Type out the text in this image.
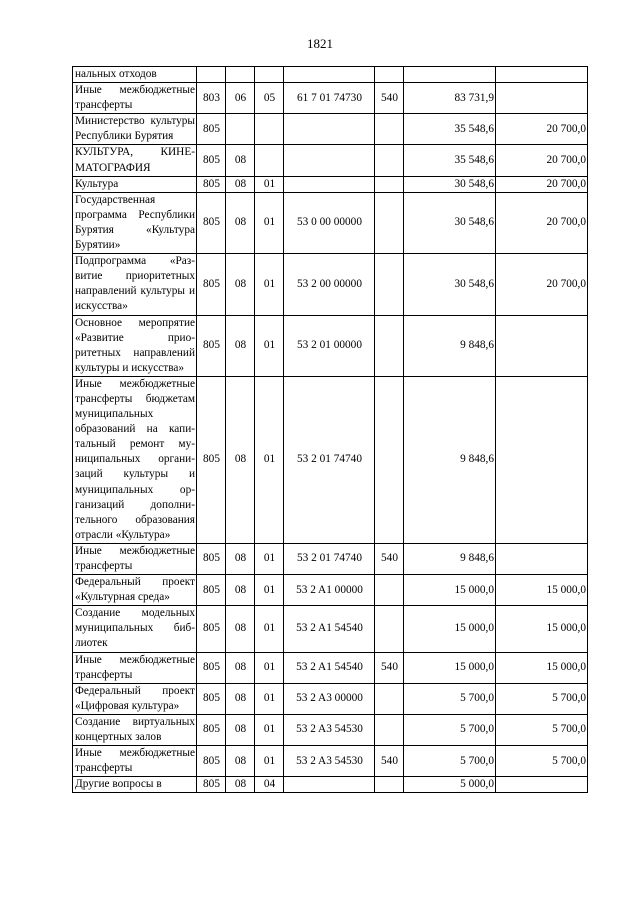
1821
нальных отходов							
Иные межбюджетные трансферты	803	06	05	61 7 01 74730	540	83 731,9	
Министерство культуры Республики Бурятия	805					35 548,6	20 700,0
КУЛЬТУРА, КИНЕМАТОГРАФИЯ	805	08				35 548,6	20 700,0
Культура	805	08	01			30 548,6	20 700,0
Государственная программа Республики Бурятия «Культура Бурятии»	805	08	01	53 0 00 00000		30 548,6	20 700,0
Подпрограмма «Развитие приоритетных направлений культуры и искусства»	805	08	01	53 2 00 00000		30 548,6	20 700,0
Основное меропрятие «Развитие приоритетных направлений культуры и искусства»	805	08	01	53 2 01 00000		9 848,6	
Иные межбюджетные трансферты бюджетам муниципальных образований на капитальный ремонт муниципальных организаций культуры и муниципальных организаций дополнительного образования отрасли «Культура»	805	08	01	53 2 01 74740		9 848,6	
Иные межбюджетные трансферты	805	08	01	53 2 01 74740	540	9 848,6	
Федеральный проект «Культурная среда»	805	08	01	53 2 A1 00000		15 000,0	15 000,0
Создание модельных муниципальных библиотек	805	08	01	53 2 A1 54540		15 000,0	15 000,0
Иные межбюджетные трансферты	805	08	01	53 2 A1 54540	540	15 000,0	15 000,0
Федеральный проект «Цифровая культура»	805	08	01	53 2 A3 00000		5 700,0	5 700,0
Создание виртуальных концертных залов	805	08	01	53 2 A3 54530		5 700,0	5 700,0
Иные межбюджетные трансферты	805	08	01	53 2 A3 54530	540	5 700,0	5 700,0
Другие вопросы в	805	08	04			5 000,0	
